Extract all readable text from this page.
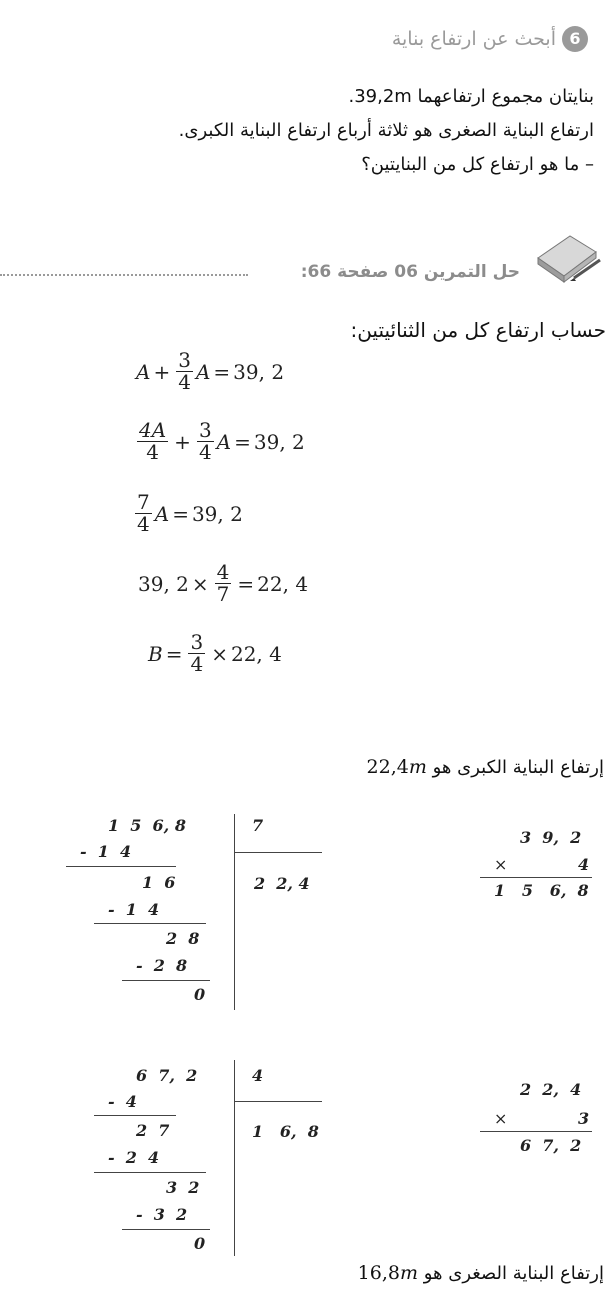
6
أبحث عن ارتفاع بناية
بنايتان مجموع ارتفاعهما 39,2m.
ارتفاع البناية الصغرى هو ثلاثة أرباع ارتفاع البناية الكبرى.
– ما هو ارتفاع كل من البنايتين؟
حل التمرين 06 صفحة 66:
حساب ارتفاع كل من الثنائيتين:
$A + \frac{3}{4}$ A = 39, 2
$\frac{4A}{4} + \frac{3}{4}$ A = 39, 2
$\frac{7}{4}$ A = 39, 2
39, $2 \times \frac{4}{7} = 22$, 4
$B = \frac{3}{4} \times 22$, 4
إرتفاع البناية الكبرى هو 22,4m
1  5  6, 8	7
2  2, 4
-  1  4
1  6
-  1  4
2  8
-  2  8
0
3  9,  2
×	4
1   5   6,  8
6  7,  2	4
1   6,  8
-  4
2  7
-  2  4
3  2
-  3  2
0
2  2,  4
×	3
6  7,  2
إرتفاع البناية الصغرى هو 16,8m
